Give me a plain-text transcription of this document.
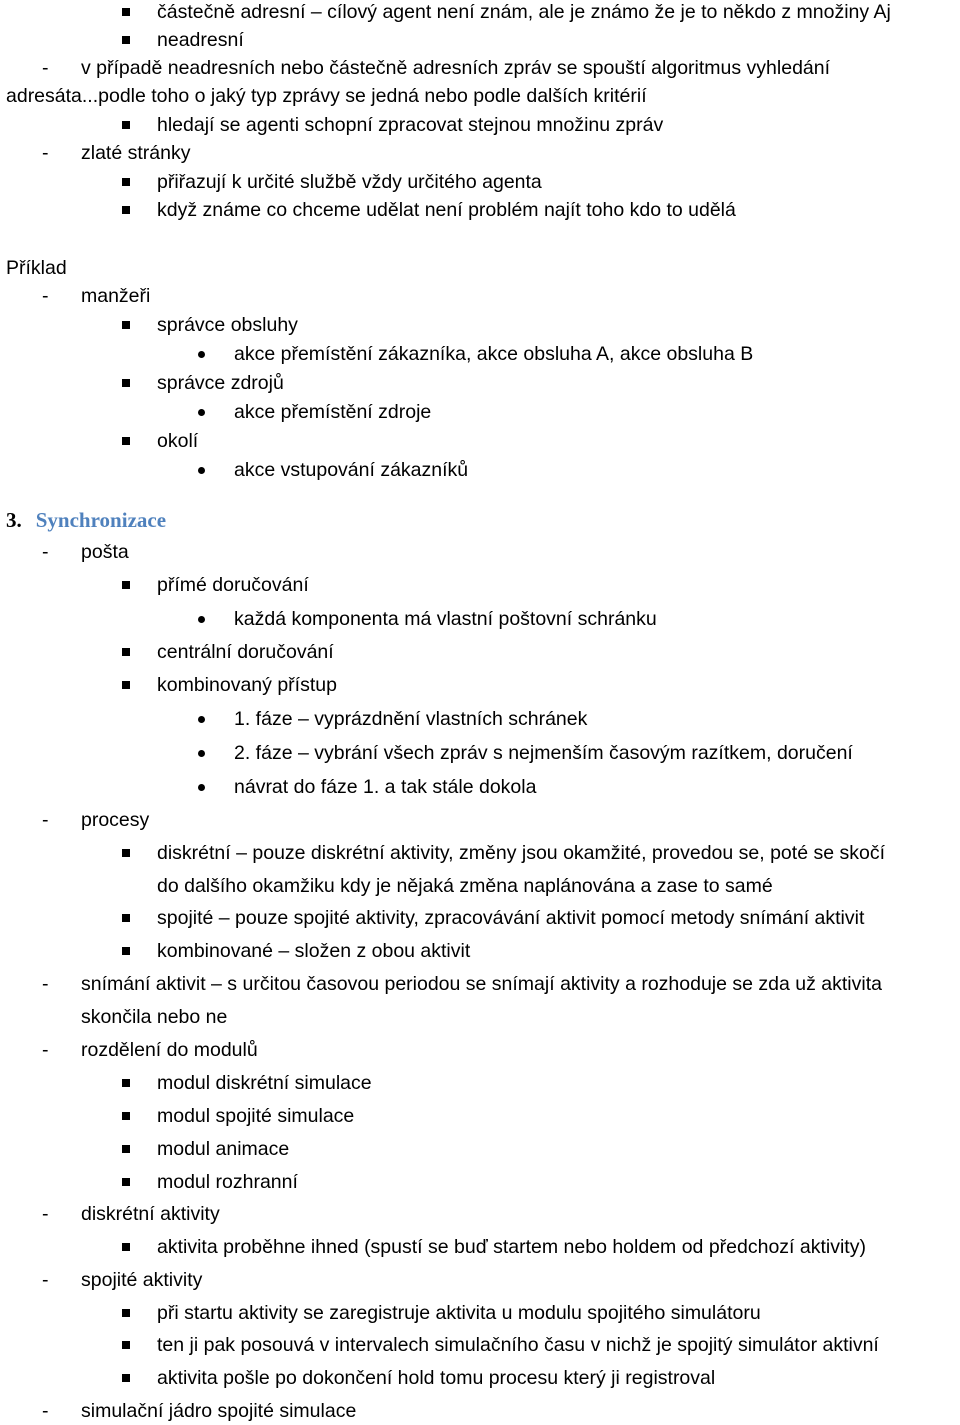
3. Synchronizace
částečně adresní – cílový agent není znám, ale je známo že je to někdo z množiny Aj
neadresní
- v případě neadresních nebo částečně adresních zpráv se spouští algoritmus vyhledání
adresáta...podle toho o jaký typ zprávy se jedná nebo podle dalších kritérií
hledají se agenti schopní zpracovat stejnou množinu zpráv
- zlaté stránky
přiřazují k určité službě vždy určitého agenta
když známe co chceme udělat není problém najít toho kdo to udělá
Příklad
- manžeři
správce obsluhy
akce přemístění zákazníka, akce obsluha A, akce obsluha B
správce zdrojů
akce přemístění zdroje
okolí
akce vstupování zákazníků
- pošta
přímé doručování
každá komponenta má vlastní poštovní schránku
centrální doručování
kombinovaný přístup
1. fáze – vyprázdnění vlastních schránek
2. fáze – vybrání všech zpráv s nejmenším časovým razítkem, doručení
návrat do fáze 1. a tak stále dokola
- procesy
diskrétní – pouze diskrétní aktivity, změny jsou okamžité, provedou se, poté se skočí
do dalšího okamžiku kdy je nějaká změna naplánována a zase to samé
spojité – pouze spojité aktivity, zpracovávání aktivit pomocí metody snímání aktivit
kombinované – složen z obou aktivit
- snímání aktivit – s určitou časovou periodou se snímají aktivity a rozhoduje se zda už aktivita
skončila nebo ne
- rozdělení do modulů
modul diskrétní simulace
modul spojité simulace
modul animace
modul rozhranní
- diskrétní aktivity
aktivita proběhne ihned (spustí se buď startem nebo holdem od předchozí aktivity)
- spojité aktivity
při startu aktivity se zaregistruje aktivita u modulu spojitého simulátoru
ten ji pak posouvá v intervalech simulačního času v nichž je spojitý simulátor aktivní
aktivita pošle po dokončení hold tomu procesu který ji registroval
- simulační jádro spojité simulace
